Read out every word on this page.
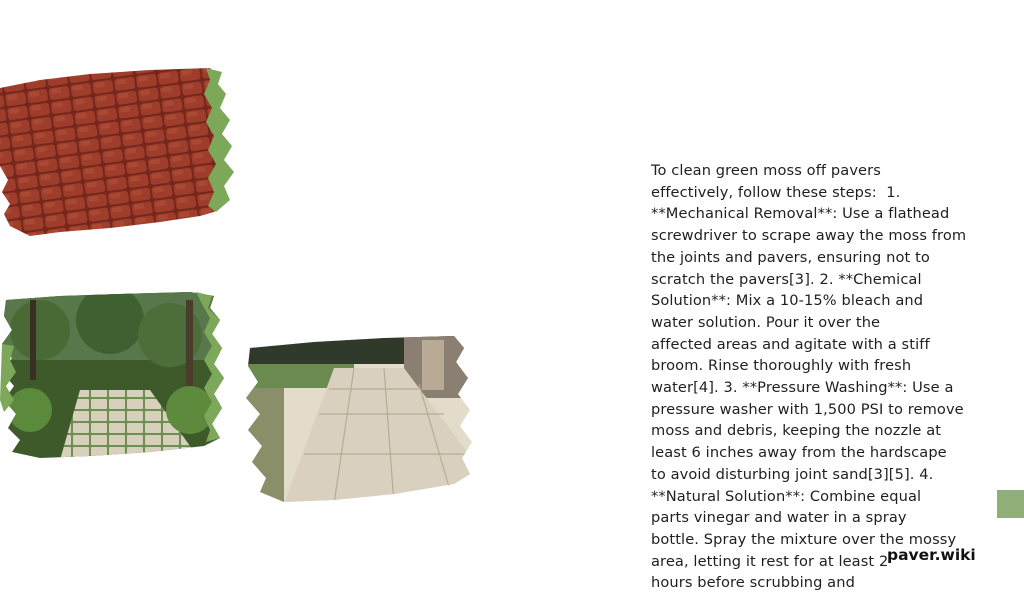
To clean green moss off pavers
effectively, follow these steps:  1.
**Mechanical Removal**: Use a flathead
screwdriver to scrape away the moss from
the joints and pavers, ensuring not to
scratch the pavers[3]. 2. **Chemical
Solution**: Mix a 10-15% bleach and
water solution. Pour it over the
affected areas and agitate with a stiff
broom. Rinse thoroughly with fresh
water[4]. 3. **Pressure Washing**: Use a
pressure washer with 1,500 PSI to remove
moss and debris, keeping the nozzle at
least 6 inches away from the hardscape
to avoid disturbing joint sand[3][5]. 4.
**Natural Solution**: Combine equal
parts vinegar and water in a spray
bottle. Spray the mixture over the mossy
area, letting it rest for at least 2
hours before scrubbing and
paver.wiki
